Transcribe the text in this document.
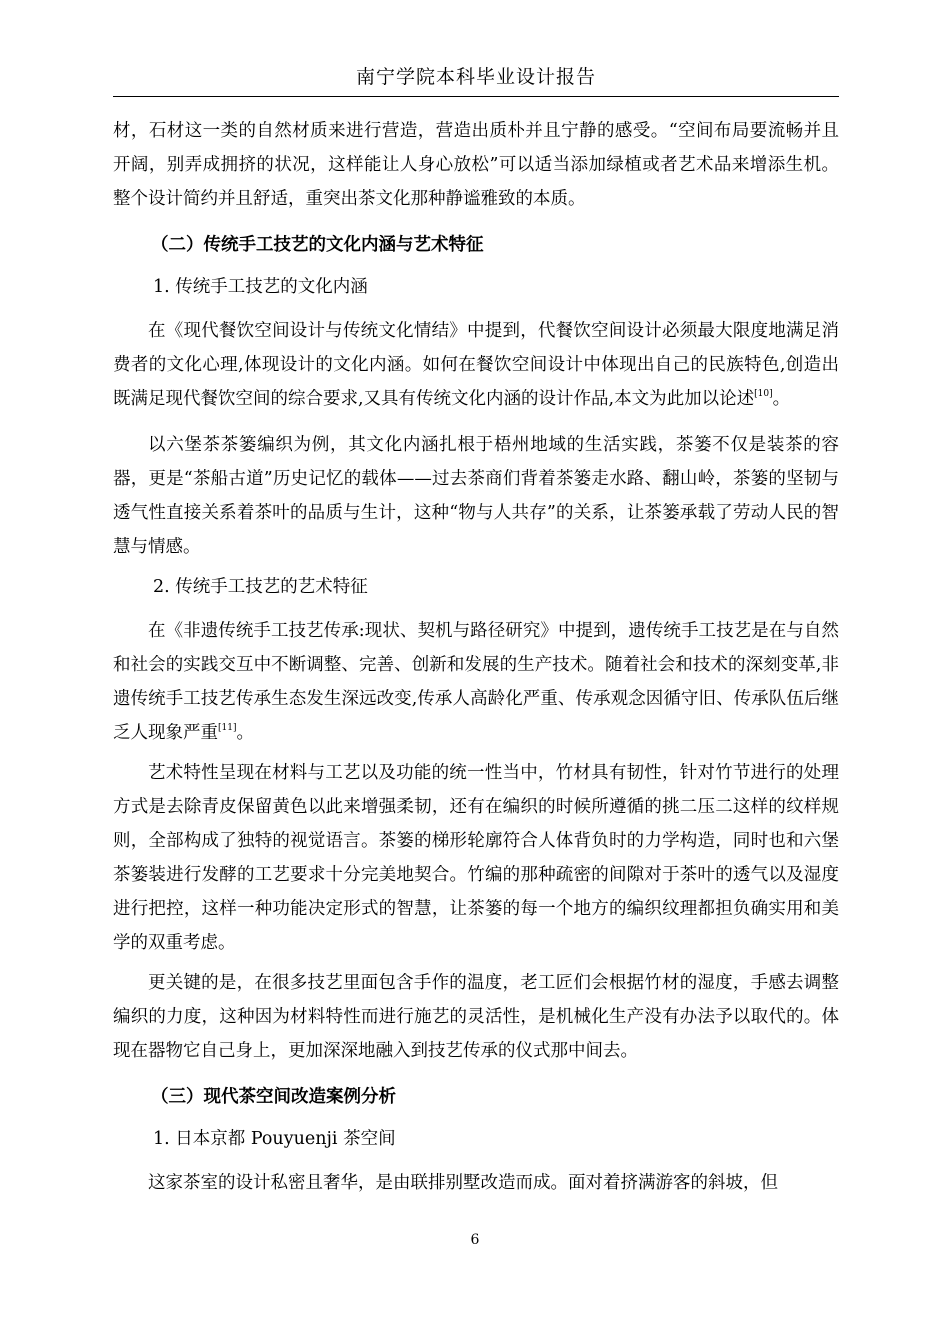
南宁学院本科毕业设计报告

材，石材这一类的自然材质来进行营造，营造出质朴并且宁静的感受。“空间布局要流畅并且开阔，别弄成拥挤的状况，这样能让人身心放松”可以适当添加绿植或者艺术品来增添生机。整个设计简约并且舒适，重突出茶文化那种静谧雅致的本质。

（二）传统手工技艺的文化内涵与艺术特征
1. 传统手工技艺的文化内涵

在《现代餐饮空间设计与传统文化情结》中提到，代餐饮空间设计必须最大限度地满足消费者的文化心理,体现设计的文化内涵。如何在餐饮空间设计中体现出自己的民族特色,创造出既满足现代餐饮空间的综合要求,又具有传统文化内涵的设计作品,本文为此加以论述[10]。

以六堡茶茶篓编织为例，其文化内涵扎根于梧州地域的生活实践，茶篓不仅是装茶的容器，更是“茶船古道”历史记忆的载体——过去茶商们背着茶篓走水路、翻山岭，茶篓的坚韧与透气性直接关系着茶叶的品质与生计，这种“物与人共存”的关系，让茶篓承载了劳动人民的智慧与情感。

2. 传统手工技艺的艺术特征

在《非遗传统手工技艺传承:现状、契机与路径研究》中提到，遗传统手工技艺是在与自然和社会的实践交互中不断调整、完善、创新和发展的生产技术。随着社会和技术的深刻变革,非遗传统手工技艺传承生态发生深远改变,传承人高龄化严重、传承观念因循守旧、传承队伍后继乏人现象严重[11]。

艺术特性呈现在材料与工艺以及功能的统一性当中，竹材具有韧性，针对竹节进行的处理方式是去除青皮保留黄色以此来增强柔韧，还有在编织的时候所遵循的挑二压二这样的纹样规则，全部构成了独特的视觉语言。茶篓的梯形轮廓符合人体背负时的力学构造，同时也和六堡茶篓装进行发酵的工艺要求十分完美地契合。竹编的那种疏密的间隙对于茶叶的透气以及湿度进行把控，这样一种功能决定形式的智慧，让茶篓的每一个地方的编织纹理都担负确实用和美学的双重考虑。

更关键的是，在很多技艺里面包含手作的温度，老工匠们会根据竹材的湿度，手感去调整编织的力度，这种因为材料特性而进行施艺的灵活性，是机械化生产没有办法予以取代的。体现在器物它自己身上，更加深深地融入到技艺传承的仪式那中间去。

（三）现代茶空间改造案例分析
1. 日本京都 Pouyuenji 茶空间

这家茶室的设计私密且奢华，是由联排别墅改造而成。面对着挤满游客的斜坡，但

6
